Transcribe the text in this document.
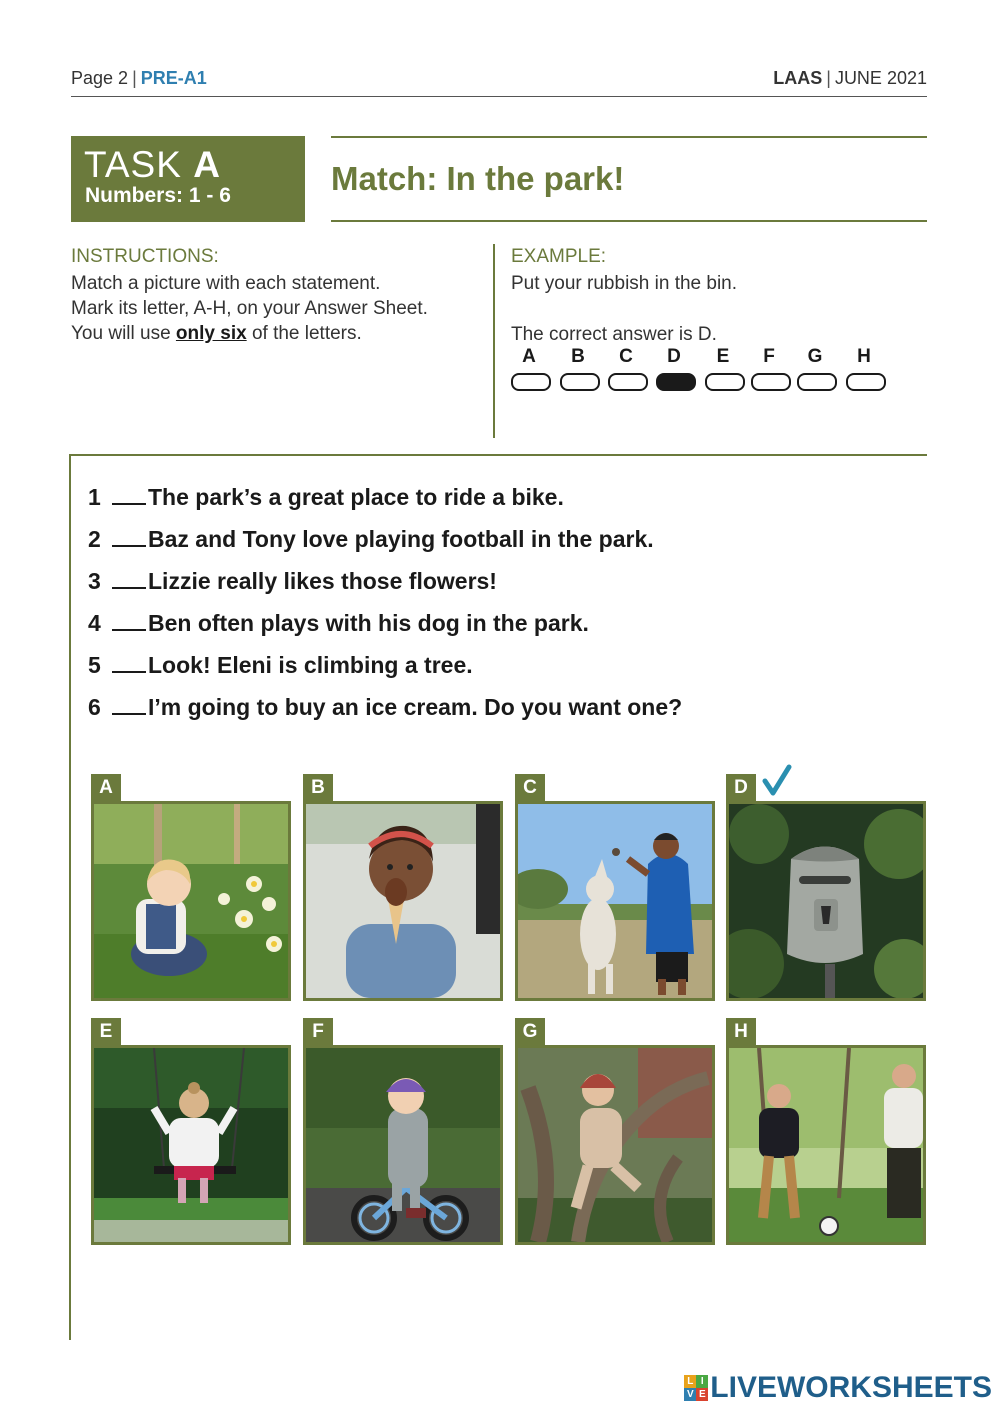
Page 2 | PRE-A1	LAAS | JUNE 2021
TASK A
Numbers: 1 - 6	Match: In the park!
INSTRUCTIONS:
Match a picture with each statement.
Mark its letter, A-H, on your Answer Sheet.
You will use only six of the letters.
EXAMPLE:
Put your rubbish in the bin.
The correct answer is D.
A	B	C	D	E	F	G	H
1 The park’s a great place to ride a bike.
2 Baz and Tony love playing football in the park.
3 Lizzie really likes those flowers!
4 Ben often plays with his dog in the park.
5 Look! Eleni is climbing a tree.
6 I’m going to buy an ice cream. Do you want one?
A	B	C	D
E	F	G	H
L I
V E LIVEWORKSHEETS
